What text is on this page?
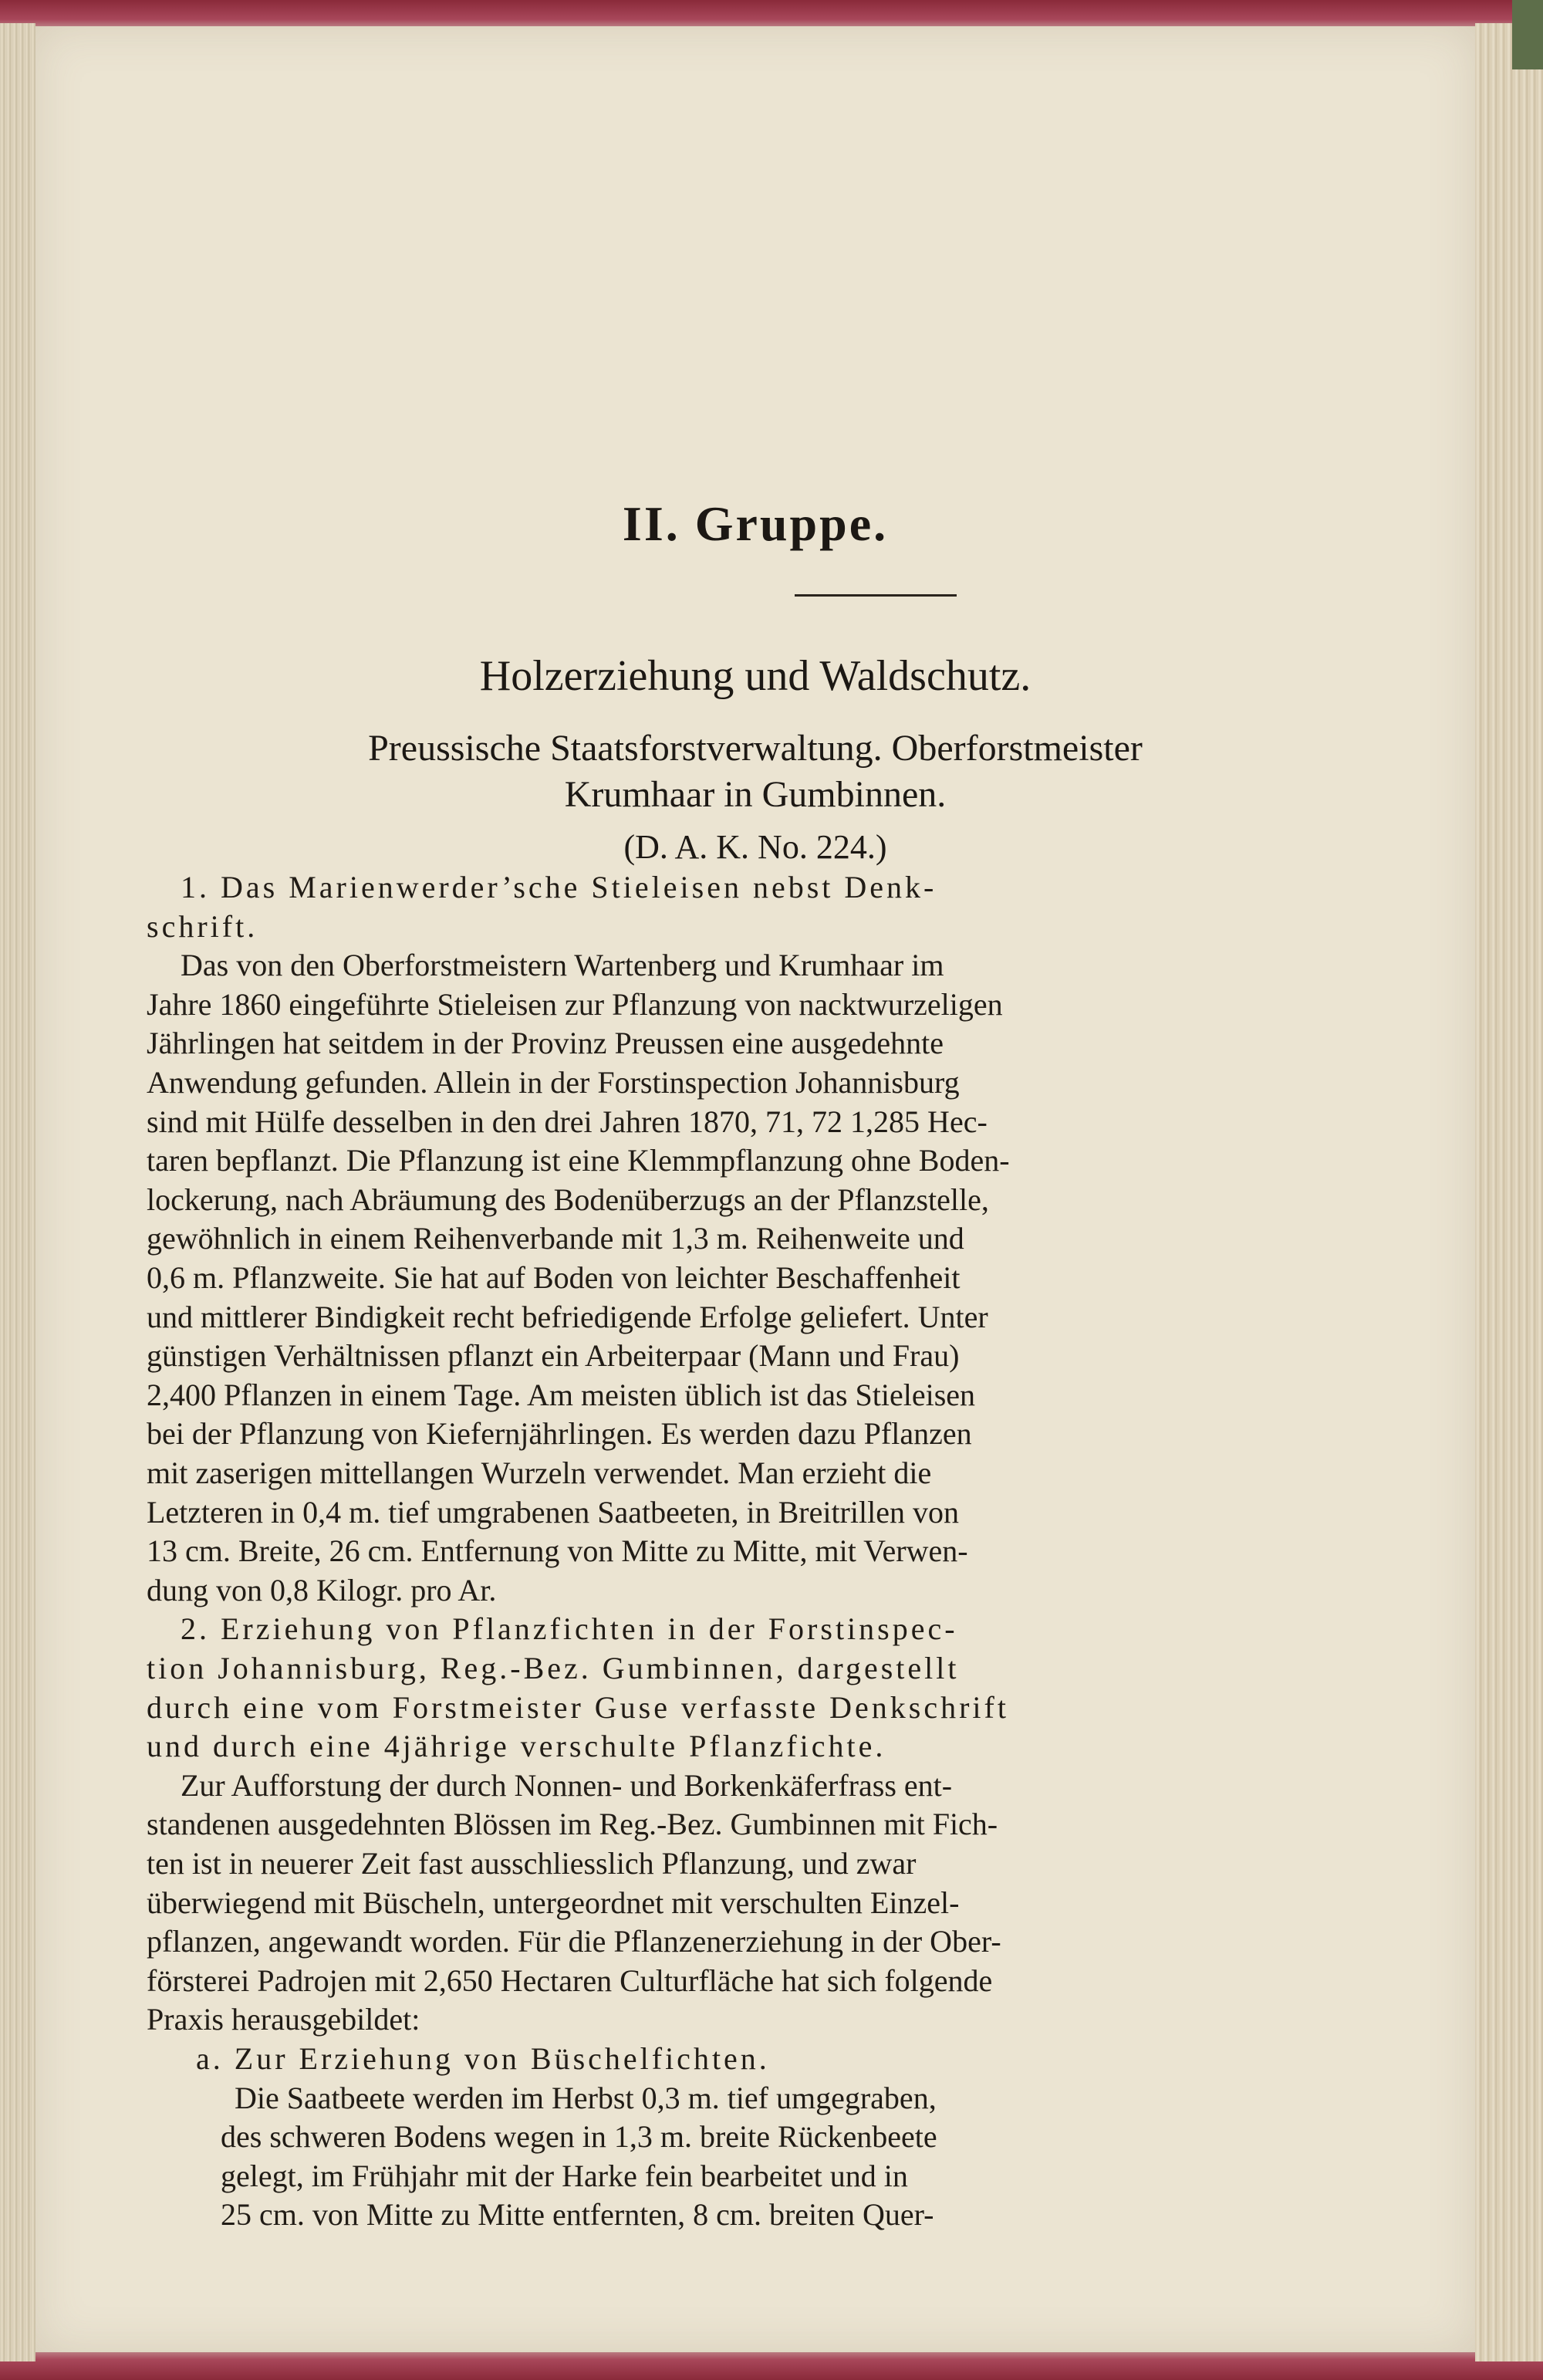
II. Gruppe.
Holzerziehung und Waldschutz.
Preussische Staatsforstverwaltung. Oberforstmeister
Krumhaar in Gumbinnen.
(D. A. K. No. 224.)
1. Das Marienwerder’sche Stieleisen nebst Denk-
schrift.
Das von den Oberforstmeistern Wartenberg und Krumhaar im
Jahre 1860 eingeführte Stieleisen zur Pflanzung von nacktwurzeligen
Jährlingen hat seitdem in der Provinz Preussen eine ausgedehnte
Anwendung gefunden. Allein in der Forstinspection Johannisburg
sind mit Hülfe desselben in den drei Jahren 1870, 71, 72 1,285 Hec-
taren bepflanzt. Die Pflanzung ist eine Klemmpflanzung ohne Boden-
lockerung, nach Abräumung des Bodenüberzugs an der Pflanzstelle,
gewöhnlich in einem Reihenverbande mit 1,3 m. Reihenweite und
0,6 m. Pflanzweite. Sie hat auf Boden von leichter Beschaffenheit
und mittlerer Bindigkeit recht befriedigende Erfolge geliefert. Unter
günstigen Verhältnissen pflanzt ein Arbeiterpaar (Mann und Frau)
2,400 Pflanzen in einem Tage. Am meisten üblich ist das Stieleisen
bei der Pflanzung von Kiefernjährlingen. Es werden dazu Pflanzen
mit zaserigen mittellangen Wurzeln verwendet. Man erzieht die
Letzteren in 0,4 m. tief umgrabenen Saatbeeten, in Breitrillen von
13 cm. Breite, 26 cm. Entfernung von Mitte zu Mitte, mit Verwen-
dung von 0,8 Kilogr. pro Ar.
2. Erziehung von Pflanzfichten in der Forstinspec-
tion Johannisburg, Reg.-Bez. Gumbinnen, dargestellt
durch eine vom Forstmeister Guse verfasste Denkschrift
und durch eine 4jährige verschulte Pflanzfichte.
Zur Aufforstung der durch Nonnen- und Borkenkäferfrass ent-
standenen ausgedehnten Blössen im Reg.-Bez. Gumbinnen mit Fich-
ten ist in neuerer Zeit fast ausschliesslich Pflanzung, und zwar
überwiegend mit Büscheln, untergeordnet mit verschulten Einzel-
pflanzen, angewandt worden. Für die Pflanzenerziehung in der Ober-
försterei Padrojen mit 2,650 Hectaren Culturfläche hat sich folgende
Praxis herausgebildet:
a. Zur Erziehung von Büschelfichten.
Die Saatbeete werden im Herbst 0,3 m. tief umgegraben,
des schweren Bodens wegen in 1,3 m. breite Rückenbeete
gelegt, im Frühjahr mit der Harke fein bearbeitet und in
25 cm. von Mitte zu Mitte entfernten, 8 cm. breiten Quer-
